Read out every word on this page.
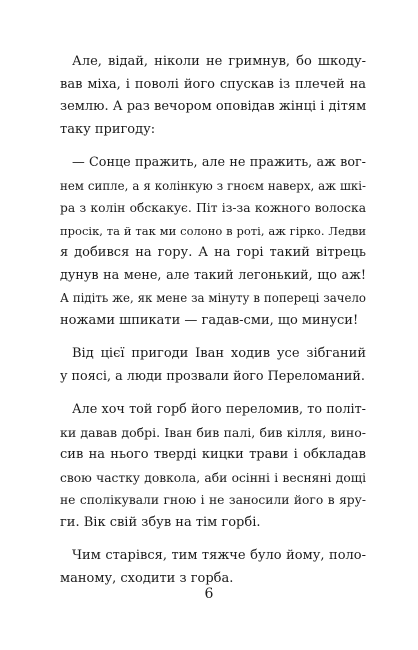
Але, відай, ніколи не гримнув, бо шкоду-
вав міха, і поволі його спускав із плечей на
землю. А раз вечором оповідав жінці і дітям
таку пригоду:
— Сонце пражить, але не пражить, аж вог-
нем сипле, а я колінкую з гноєм наверх, аж шкі-
ра з колін обскакує. Піт із-за кожного волоска
просік, та й так ми солоно в роті, аж гірко. Ледви
я добився на гору. А на горі такий вітрець
дунув на мене, але такий легонький, що аж!
А підіть же, як мене за мінуту в попереці зачело
ножами шпикати — гадав-сми, що минуси!
Від цієї пригоди Іван ходив усе зібганий
у поясі, а люди прозвали його Переломаний.
Але хоч той горб його переломив, то політ-
ки давав добрі. Іван бив палі, бив кілля, вино-
сив на нього тверді кицки трави і обкладав
свою частку довкола, аби осінні і весняні дощі
не сполікували гною і не заносили його в яру-
ги. Вік свій збув на тім горбі.
Чим старівся, тим тяжче було йому, поло-
маному, сходити з горба.
6
